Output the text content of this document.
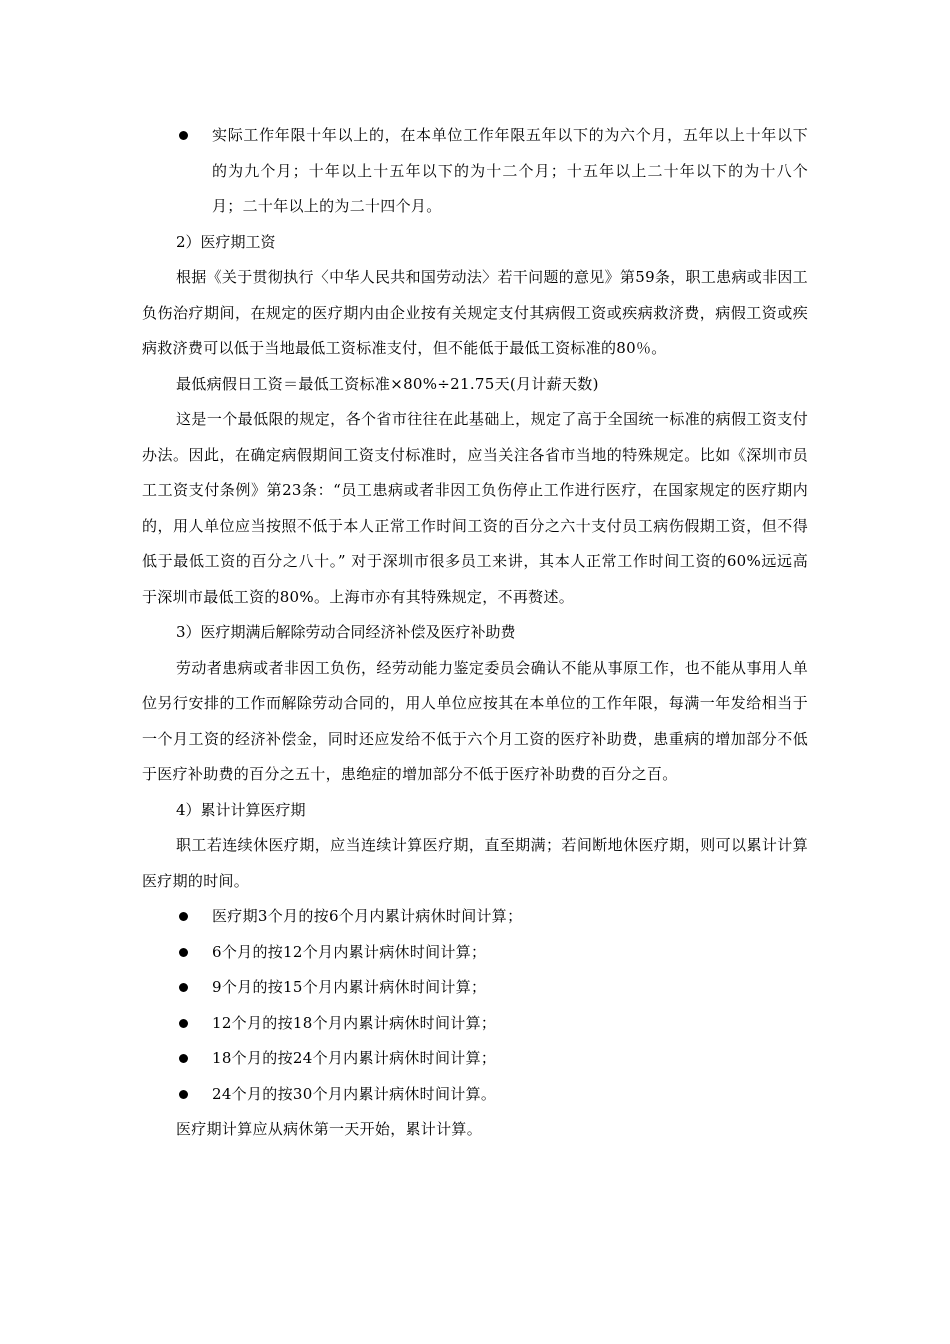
实际工作年限十年以上的，在本单位工作年限五年以下的为六个月，五年以上十年以下的为九个月；十年以上十五年以下的为十二个月；十五年以上二十年以下的为十八个月；二十年以上的为二十四个月。

2）医疗期工资

根据《关于贯彻执行〈中华人民共和国劳动法〉若干问题的意见》第59条，职工患病或非因工负伤治疗期间，在规定的医疗期内由企业按有关规定支付其病假工资或疾病救济费，病假工资或疾病救济费可以低于当地最低工资标准支付，但不能低于最低工资标准的80％。

最低病假日工资＝最低工资标准×80%÷21.75天(月计薪天数)

这是一个最低限的规定，各个省市往往在此基础上，规定了高于全国统一标准的病假工资支付办法。因此，在确定病假期间工资支付标准时，应当关注各省市当地的特殊规定。比如《深圳市员工工资支付条例》第23条：“员工患病或者非因工负伤停止工作进行医疗，在国家规定的医疗期内的，用人单位应当按照不低于本人正常工作时间工资的百分之六十支付员工病伤假期工资，但不得低于最低工资的百分之八十。” 对于深圳市很多员工来讲，其本人正常工作时间工资的60%远远高于深圳市最低工资的80%。上海市亦有其特殊规定，不再赘述。

3）医疗期满后解除劳动合同经济补偿及医疗补助费

劳动者患病或者非因工负伤，经劳动能力鉴定委员会确认不能从事原工作，也不能从事用人单位另行安排的工作而解除劳动合同的，用人单位应按其在本单位的工作年限，每满一年发给相当于一个月工资的经济补偿金，同时还应发给不低于六个月工资的医疗补助费，患重病的增加部分不低于医疗补助费的百分之五十，患绝症的增加部分不低于医疗补助费的百分之百。

4）累计计算医疗期

职工若连续休医疗期，应当连续计算医疗期，直至期满；若间断地休医疗期，则可以累计计算医疗期的时间。

医疗期3个月的按6个月内累计病休时间计算；
6个月的按12个月内累计病休时间计算；
9个月的按15个月内累计病休时间计算；
12个月的按18个月内累计病休时间计算；
18个月的按24个月内累计病休时间计算；
24个月的按30个月内累计病休时间计算。

医疗期计算应从病休第一天开始，累计计算。
